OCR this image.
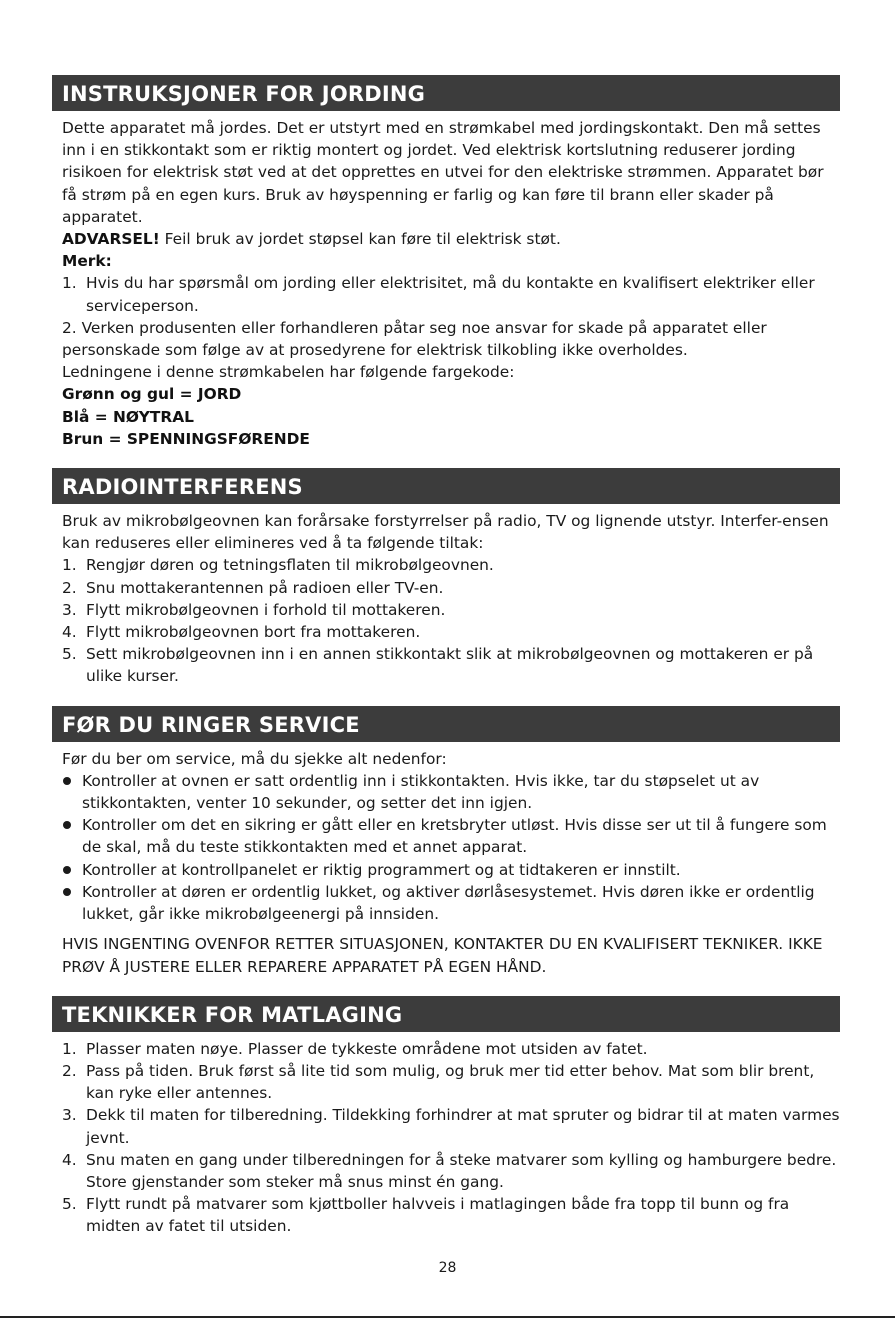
INSTRUKSJONER FOR JORDING

Dette apparatet må jordes. Det er utstyrt med en strømkabel med jordingskontakt. Den må settes inn i en stikkontakt som er riktig montert og jordet. Ved elektrisk kortslutning reduserer jording risikoen for elektrisk støt ved at det opprettes en utvei for den elektriske strømmen. Apparatet bør få strøm på en egen kurs. Bruk av høyspenning er farlig og kan føre til brann eller skader på apparatet.

ADVARSEL! Feil bruk av jordet støpsel kan føre til elektrisk støt.

Merk:

1. Hvis du har spørsmål om jording eller elektrisitet, må du kontakte en kvalifisert elektriker eller serviceperson.

2. Verken produsenten eller forhandleren påtar seg noe ansvar for skade på apparatet eller personskade som følge av at prosedyrene for elektrisk tilkobling ikke overholdes.

Ledningene i denne strømkabelen har følgende fargekode:

Grønn og gul = JORD

Blå = NØYTRAL

Brun = SPENNINGSFØRENDE

RADIOINTERFERENS

Bruk av mikrobølgeovnen kan forårsake forstyrrelser på radio, TV og lignende utstyr. Interfer-ensen kan reduseres eller elimineres ved å ta følgende tiltak:

1. Rengjør døren og tetningsflaten til mikrobølgeovnen.
2. Snu mottakerantennen på radioen eller TV-en.
3. Flytt mikrobølgeovnen i forhold til mottakeren.
4. Flytt mikrobølgeovnen bort fra mottakeren.
5. Sett mikrobølgeovnen inn i en annen stikkontakt slik at mikrobølgeovnen og mottakeren er på ulike kurser.
FØR DU RINGER SERVICE

Før du ber om service, må du sjekke alt nedenfor:

Kontroller at ovnen er satt ordentlig inn i stikkontakten. Hvis ikke, tar du støpselet ut av stikkontakten, venter 10 sekunder, og setter det inn igjen.
Kontroller om det en sikring er gått eller en kretsbryter utløst. Hvis disse ser ut til å fungere som de skal, må du teste stikkontakten med et annet apparat.
Kontroller at kontrollpanelet er riktig programmert og at tidtakeren er innstilt.
Kontroller at døren er ordentlig lukket, og aktiver dørlåsesystemet. Hvis døren ikke er ordentlig lukket, går ikke mikrobølgeenergi på innsiden.

HVIS INGENTING OVENFOR RETTER SITUASJONEN, KONTAKTER DU EN KVALIFISERT TEKNIKER. IKKE PRØV Å JUSTERE ELLER REPARERE APPARATET PÅ EGEN HÅND.

TEKNIKKER FOR MATLAGING
1. Plasser maten nøye. Plasser de tykkeste områdene mot utsiden av fatet.
2. Pass på tiden. Bruk først så lite tid som mulig, og bruk mer tid etter behov. Mat som blir brent, kan ryke eller antennes.
3. Dekk til maten for tilberedning. Tildekking forhindrer at mat spruter og bidrar til at maten varmes jevnt.
4. Snu maten en gang under tilberedningen for å steke matvarer som kylling og hamburgere bedre. Store gjenstander som steker må snus minst én gang.
5. Flytt rundt på matvarer som kjøttboller halvveis i matlagingen både fra topp til bunn og fra midten av fatet til utsiden.
28
